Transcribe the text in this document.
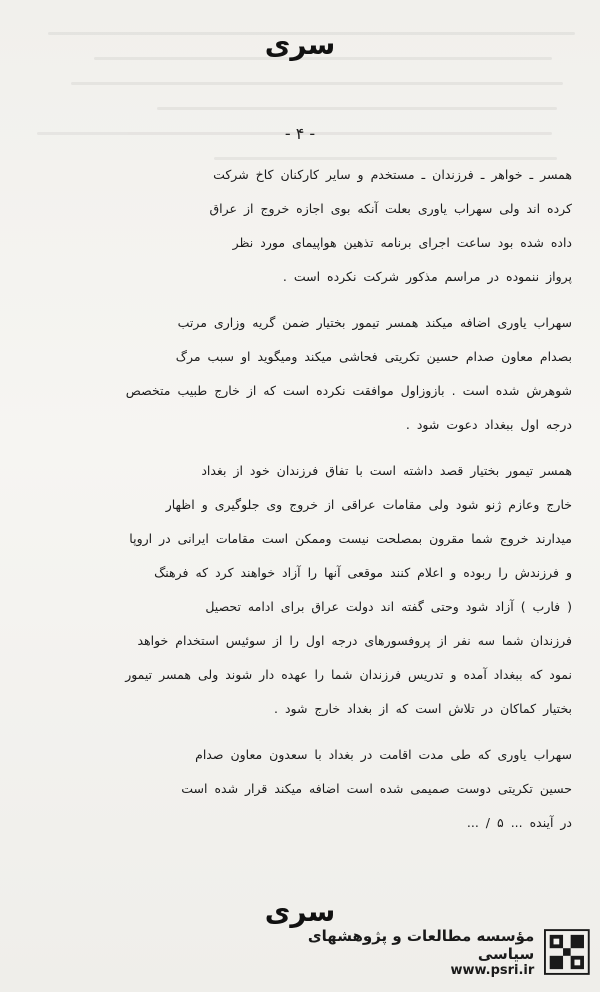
سری
- ۴ -
همسر ـ خواهر ـ فرزندان ـ مستخدم و سایر کارکنان کاخ شرکت
کرده اند ولی سهراب یاوری بعلت آنکه بوی اجازه خروج از عراق
داده شده بود ساعت اجرای برنامه تذهین هواپیمای مورد نظر
پرواز ننموده در مراسم مذکور شرکت نکرده است .
سهراب یاوری اضافه میکند همسر تیمور بختیار ضمن گریه وزاری مرتب
بصدام معاون صدام حسین تکریتی فحاشی میکند ومیگوید او سبب مرگ
شوهرش شده است . بازوزاول موافقت نکرده است که از خارج طبیب متخصص
درجه اول ببغداد دعوت شود .
همسر تیمور بختیار قصد داشته است با تفاق فرزندان خود از بغداد
خارج وعازم ژنو شود ولی مقامات عراقی از خروج وی جلوگیری و اظهار
میدارند خروج شما مقرون بمصلحت نیست وممکن است مقامات ایرانی در اروپا
و فرزندش را ربوده و اعلام کنند موقعی آنها را آزاد خواهند کرد که فرهنگ
( فارب ) آزاد شود وحتی گفته اند دولت عراق برای ادامه تحصیل
فرزندان شما سه نفر از پروفسورهای درجه اول را از سوئیس استخدام خواهد
نمود که ببغداد آمده و تدریس فرزندان شما را عهده دار شوند ولی همسر تیمور
بختیار کماکان در تلاش است که از بغداد خارج شود .
سهراب یاوری که طی مدت اقامت در بغداد با سعدون معاون صدام
حسین تکریتی دوست صمیمی شده است اضافه میکند قرار شده است
در آینده ... ۵ / ...
سری
مؤسسه مطالعات و پژوهشهای سیاسی
www.psri.ir
